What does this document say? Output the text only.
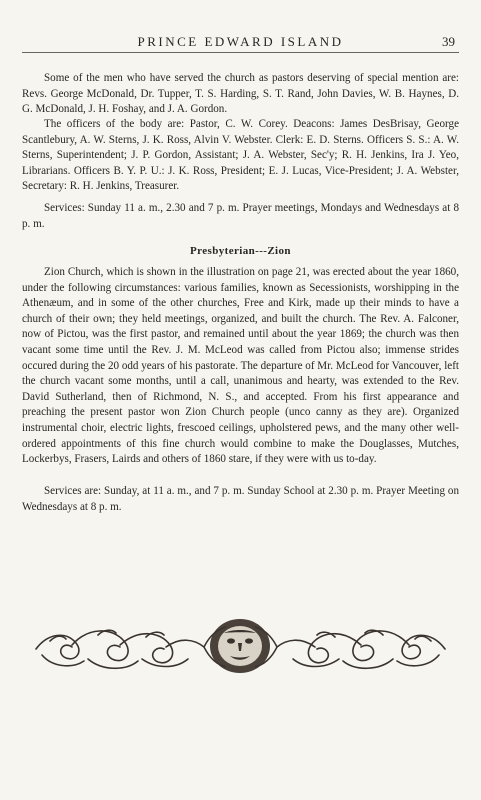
PRINCE EDWARD ISLAND	39

Some of the men who have served the church as pastors deserving of special mention are: Revs. George McDonald, Dr. Tupper, T. S. Harding, S. T. Rand, John Davies, W. B. Haynes, D. G. McDonald, J. H. Foshay, and J. A. Gordon.

The officers of the body are: Pastor, C. W. Corey. Deacons: James DesBrisay, George Scantlebury, A. W. Sterns, J. K. Ross, Alvin V. Webster. Clerk: E. D. Sterns. Officers S. S.: A. W. Sterns, Superintendent; J. P. Gordon, Assistant; J. A. Webster, Sec'y; R. H. Jenkins, Ira J. Yeo, Librarians. Officers B. Y. P. U.: J. K. Ross, President; E. J. Lucas, Vice-President; J. A. Webster, Secretary: R. H. Jenkins, Treasurer.

Services: Sunday 11 a. m., 2.30 and 7 p. m. Prayer meetings, Mondays and Wednesdays at 8 p. m.

Presbyterian---Zion

Zion Church, which is shown in the illustration on page 21, was erected about the year 1860, under the following circumstances: various families, known as Secessionists, worshipping in the Athenæum, and in some of the other churches, Free and Kirk, made up their minds to have a church of their own; they held meetings, organized, and built the church. The Rev. A. Falconer, now of Pictou, was the first pastor, and remained until about the year 1869; the church was then vacant some time until the Rev. J. M. McLeod was called from Pictou also; immense strides occured during the 20 odd years of his pastorate. The departure of Mr. McLeod for Vancouver, left the church vacant some months, until a call, unanimous and hearty, was extended to the Rev. David Sutherland, then of Richmond, N. S., and accepted. From his first appearance and preaching the present pastor won Zion Church people (unco canny as they are). Organized instrumental choir, electric lights, frescoed ceilings, upholstered pews, and the many other well-ordered appointments of this fine church would combine to make the Douglasses, Mutches, Lockerbys, Frasers, Lairds and others of 1860 stare, if they were with us to-day.

Services are: Sunday, at 11 a. m., and 7 p. m. Sunday School at 2.30 p. m. Prayer Meeting on Wednesdays at 8 p. m.
